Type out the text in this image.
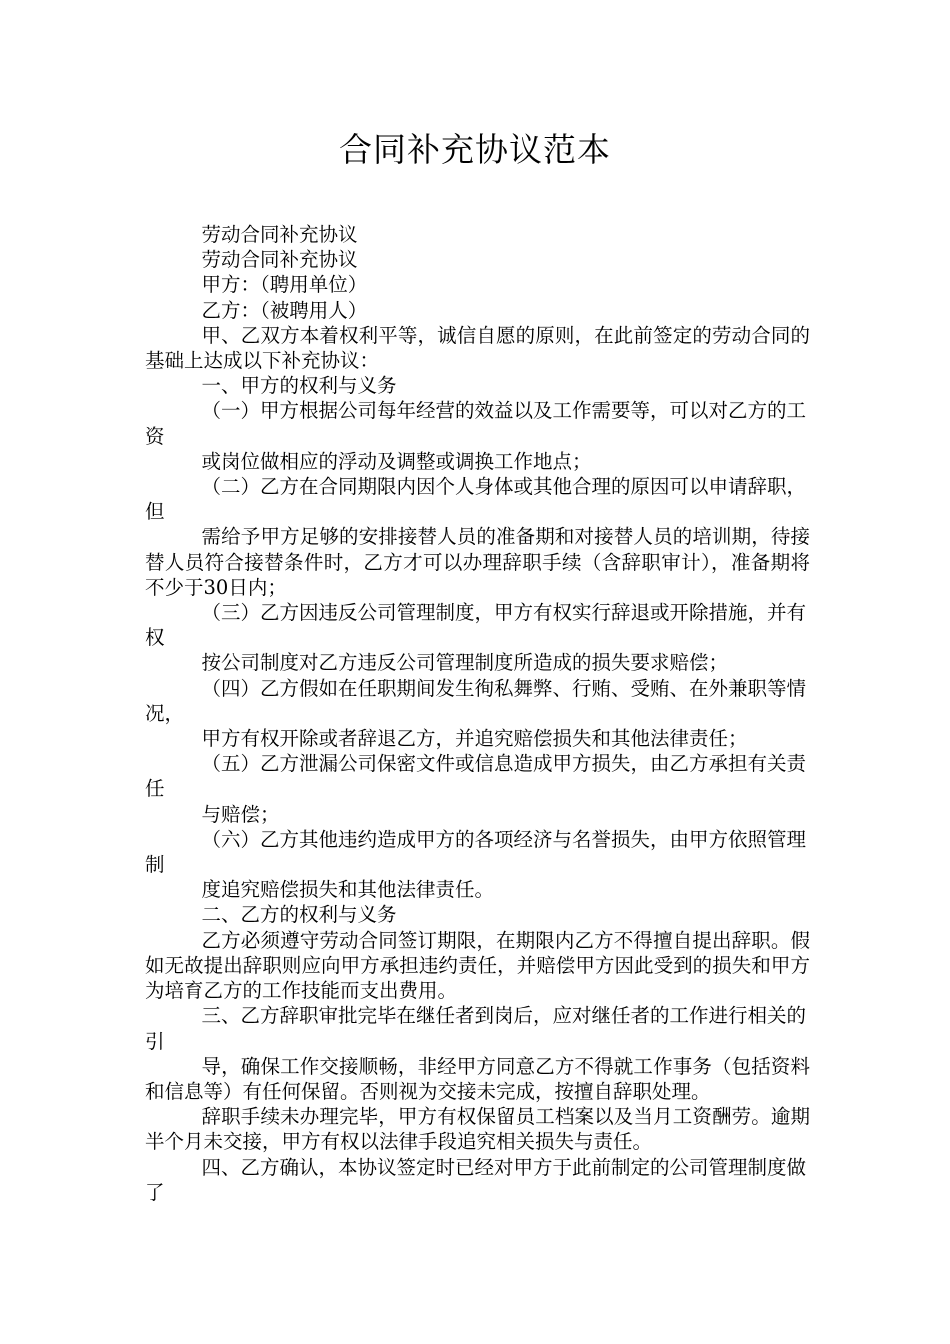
合同补充协议范本

劳动合同补充协议

劳动合同补充协议

甲方：（聘用单位）

乙方：（被聘用人）

甲、乙双方本着权利平等，诚信自愿的原则，在此前签定的劳动合同的基础上达成以下补充协议：

一、甲方的权利与义务

（一）甲方根据公司每年经营的效益以及工作需要等，可以对乙方的工资

或岗位做相应的浮动及调整或调换工作地点；

（二）乙方在合同期限内因个人身体或其他合理的原因可以申请辞职，但

需给予甲方足够的安排接替人员的准备期和对接替人员的培训期，待接替人员符合接替条件时，乙方才可以办理辞职手续（含辞职审计），准备期将不少于30日内；

（三）乙方因违反公司管理制度，甲方有权实行辞退或开除措施，并有权

按公司制度对乙方违反公司管理制度所造成的损失要求赔偿；

（四）乙方假如在任职期间发生徇私舞弊、行贿、受贿、在外兼职等情况，

甲方有权开除或者辞退乙方，并追究赔偿损失和其他法律责任；

（五）乙方泄漏公司保密文件或信息造成甲方损失，由乙方承担有关责任

与赔偿；

（六）乙方其他违约造成甲方的各项经济与名誉损失，由甲方依照管理制

度追究赔偿损失和其他法律责任。

二、乙方的权利与义务

乙方必须遵守劳动合同签订期限，在期限内乙方不得擅自提出辞职。假如无故提出辞职则应向甲方承担违约责任，并赔偿甲方因此受到的损失和甲方为培育乙方的工作技能而支出费用。

三、乙方辞职审批完毕在继任者到岗后，应对继任者的工作进行相关的引

导，确保工作交接顺畅，非经甲方同意乙方不得就工作事务（包括资料和信息等）有任何保留。否则视为交接未完成，按擅自辞职处理。

辞职手续未办理完毕，甲方有权保留员工档案以及当月工资酬劳。逾期半个月未交接，甲方有权以法律手段追究相关损失与责任。

四、乙方确认，本协议签定时已经对甲方于此前制定的公司管理制度做了
